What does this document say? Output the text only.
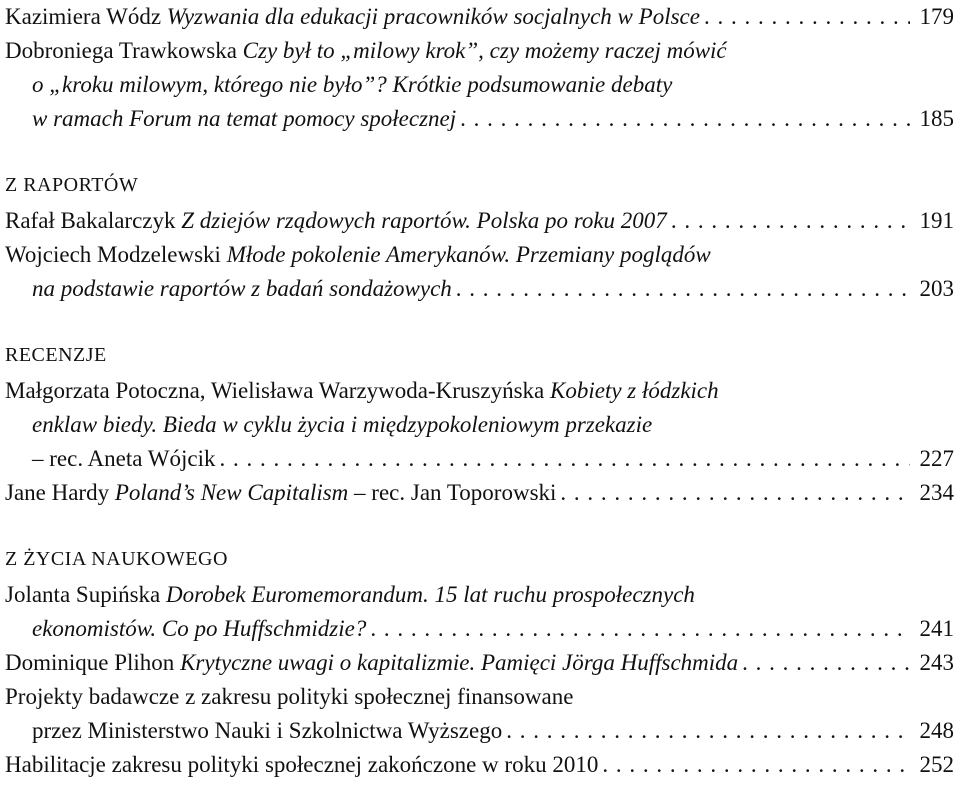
Kazimiera Wódz Wyzwania dla edukacji pracowników socjalnych w Polsce . . .	179
Dobroniega Trawkowska Czy był to „milowy krok”, czy możemy raczej mówić
o „kroku milowym, którego nie było”? Krótkie podsumowanie debaty
w ramach Forum na temat pomocy społecznej . . .	185
Z RAPORTÓW
Rafał Bakalarczyk Z dziejów rządowych raportów. Polska po roku 2007 . . .	191
Wojciech Modzelewski Młode pokolenie Amerykanów. Przemiany poglądów
na podstawie raportów z badań sondażowych . . .	203
RECENZJE
Małgorzata Potoczna, Wielisława Warzywoda-Kruszyńska Kobiety z łódzkich
enklaw biedy. Bieda w cyklu życia i międzypokoleniowym przekazie
– rec. Aneta Wójcik . . .	227
Jane Hardy Poland’s New Capitalism – rec. Jan Toporowski . . .	234
Z ŻYCIA NAUKOWEGO
Jolanta Supińska Dorobek Euromemorandum. 15 lat ruchu prospołecznych
ekonomistów. Co po Huffschmidzie? . . .	241
Dominique Plihon Krytyczne uwagi o kapitalizmie. Pamięci Jörga Huffschmida . . .	243
Projekty badawcze z zakresu polityki społecznej finansowane
przez Ministerstwo Nauki i Szkolnictwa Wyższego . . .	248
Habilitacje zakresu polityki społecznej zakończone w roku 2010 . . .	252
